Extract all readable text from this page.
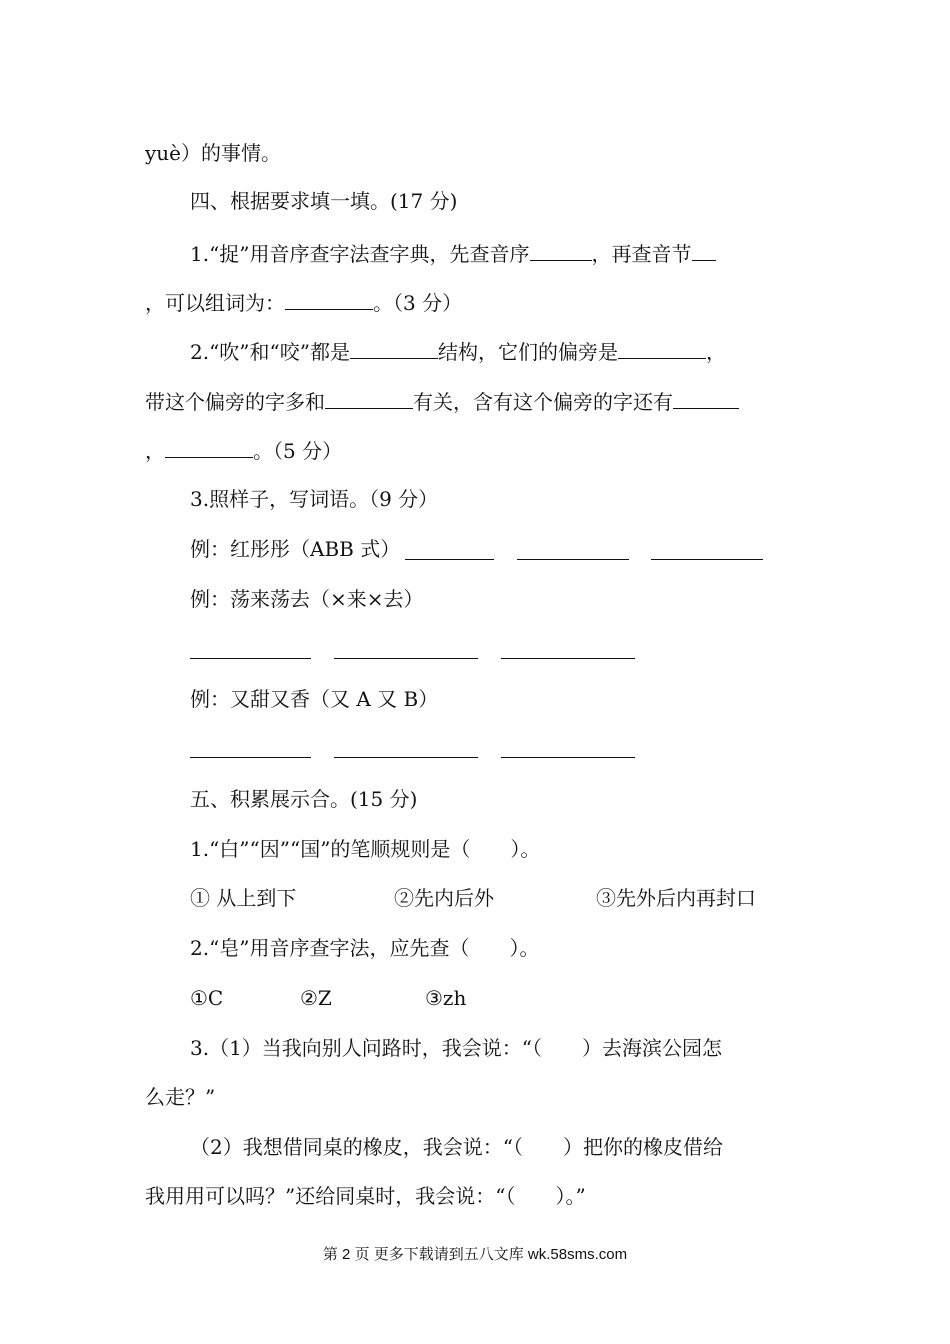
yuè）的事情。
四、根据要求填一填。(17 分)
1.“捉”用音序查字法查字典，先查音序	，再查音节
，可以组词为：	。（3 分）
2.“吹”和“咬”都是	结构，它们的偏旁是	，
带这个偏旁的字多和	有关，含有这个偏旁的字还有
，	。（5 分）
3.照样子，写词语。（9 分）
例：红彤彤（ABB 式）
例：荡来荡去（×来×去）
例：又甜又香（又 A 又 B）
五、积累展示合。(15 分)
1.“白”“因”“国”的笔顺规则是（　　）。
① 从上到下	②先内后外	③先外后内再封口
2.“皂”用音序查字法，应先查（　　）。
①C	②Z	③zh
3.（1）当我向别人问路时，我会说：“（　　）去海滨公园怎
么走？”
（2）我想借同桌的橡皮，我会说：“（　　）把你的橡皮借给
我用用可以吗？”还给同桌时，我会说：“（　　）。”
第 2 页 更多下载请到五八文库 wk.58sms.com
